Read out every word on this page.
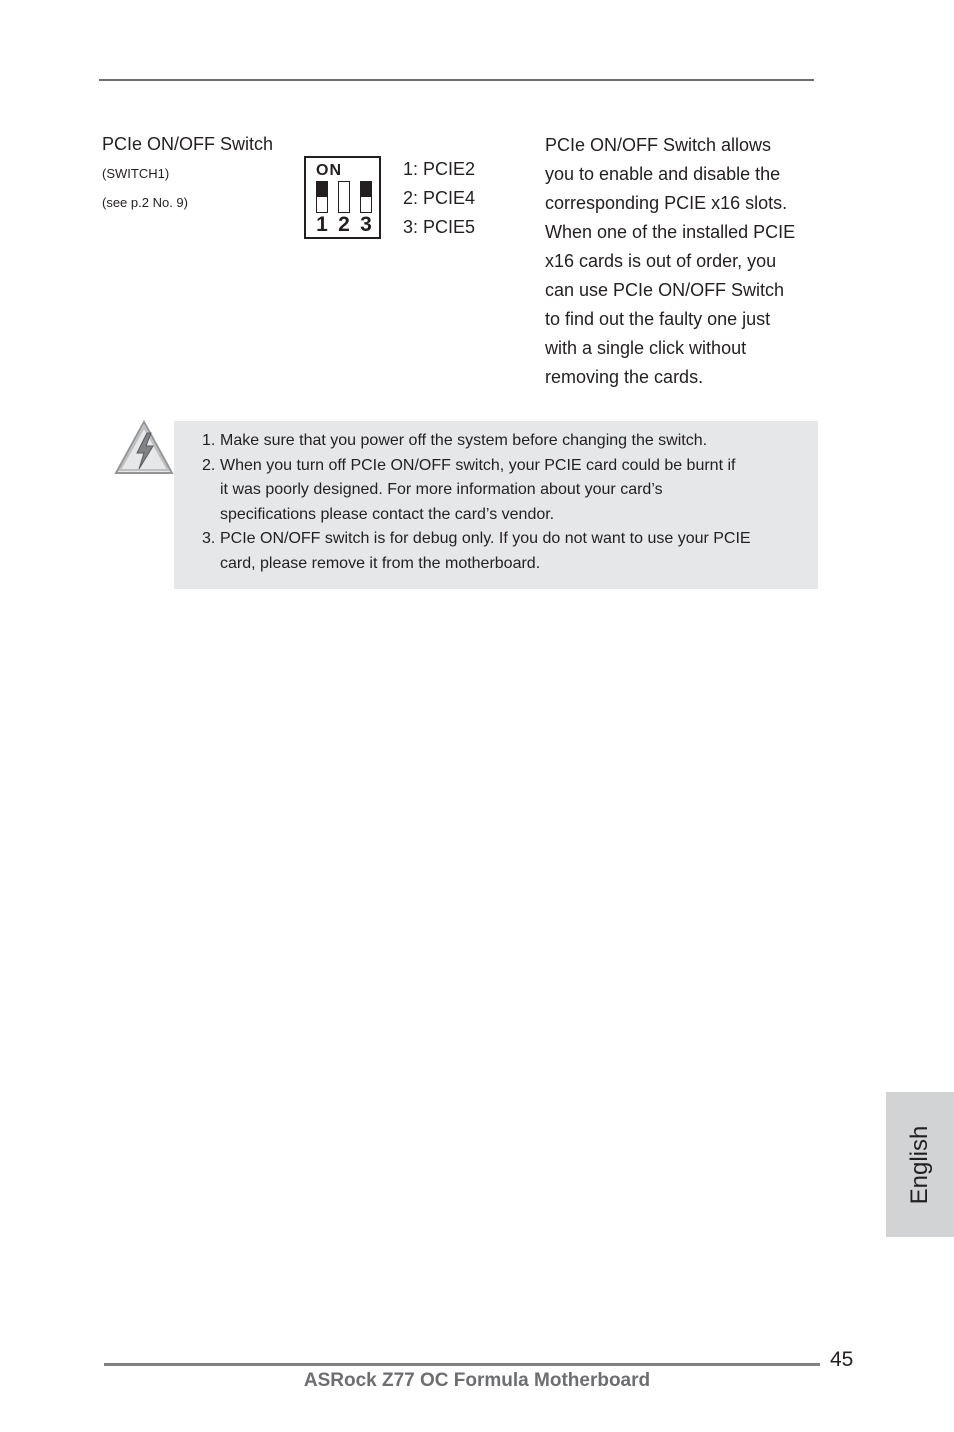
PCIe ON/OFF Switch
(SWITCH1)
(see p.2 No. 9)
ON
1 2 3
1: PCIE2
2: PCIE4
3: PCIE5
PCIe ON/OFF Switch allows
you to enable and disable the
corresponding PCIE x16 slots.
When one of the installed PCIE
x16 cards is out of order, you
can use PCIe ON/OFF Switch
to find out the faulty one just
with a single click without
removing the cards.
1. Make sure that you power off the system before changing the switch.
2. When you turn off PCIe ON/OFF switch, your PCIE card could be burnt if
it was poorly designed. For more information about your card’s
specifications please contact the card’s vendor.
3. PCIe ON/OFF switch is for debug only. If you do not want to use your PCIE
card, please remove it from the motherboard.
English
45
ASRock Z77 OC Formula Motherboard
